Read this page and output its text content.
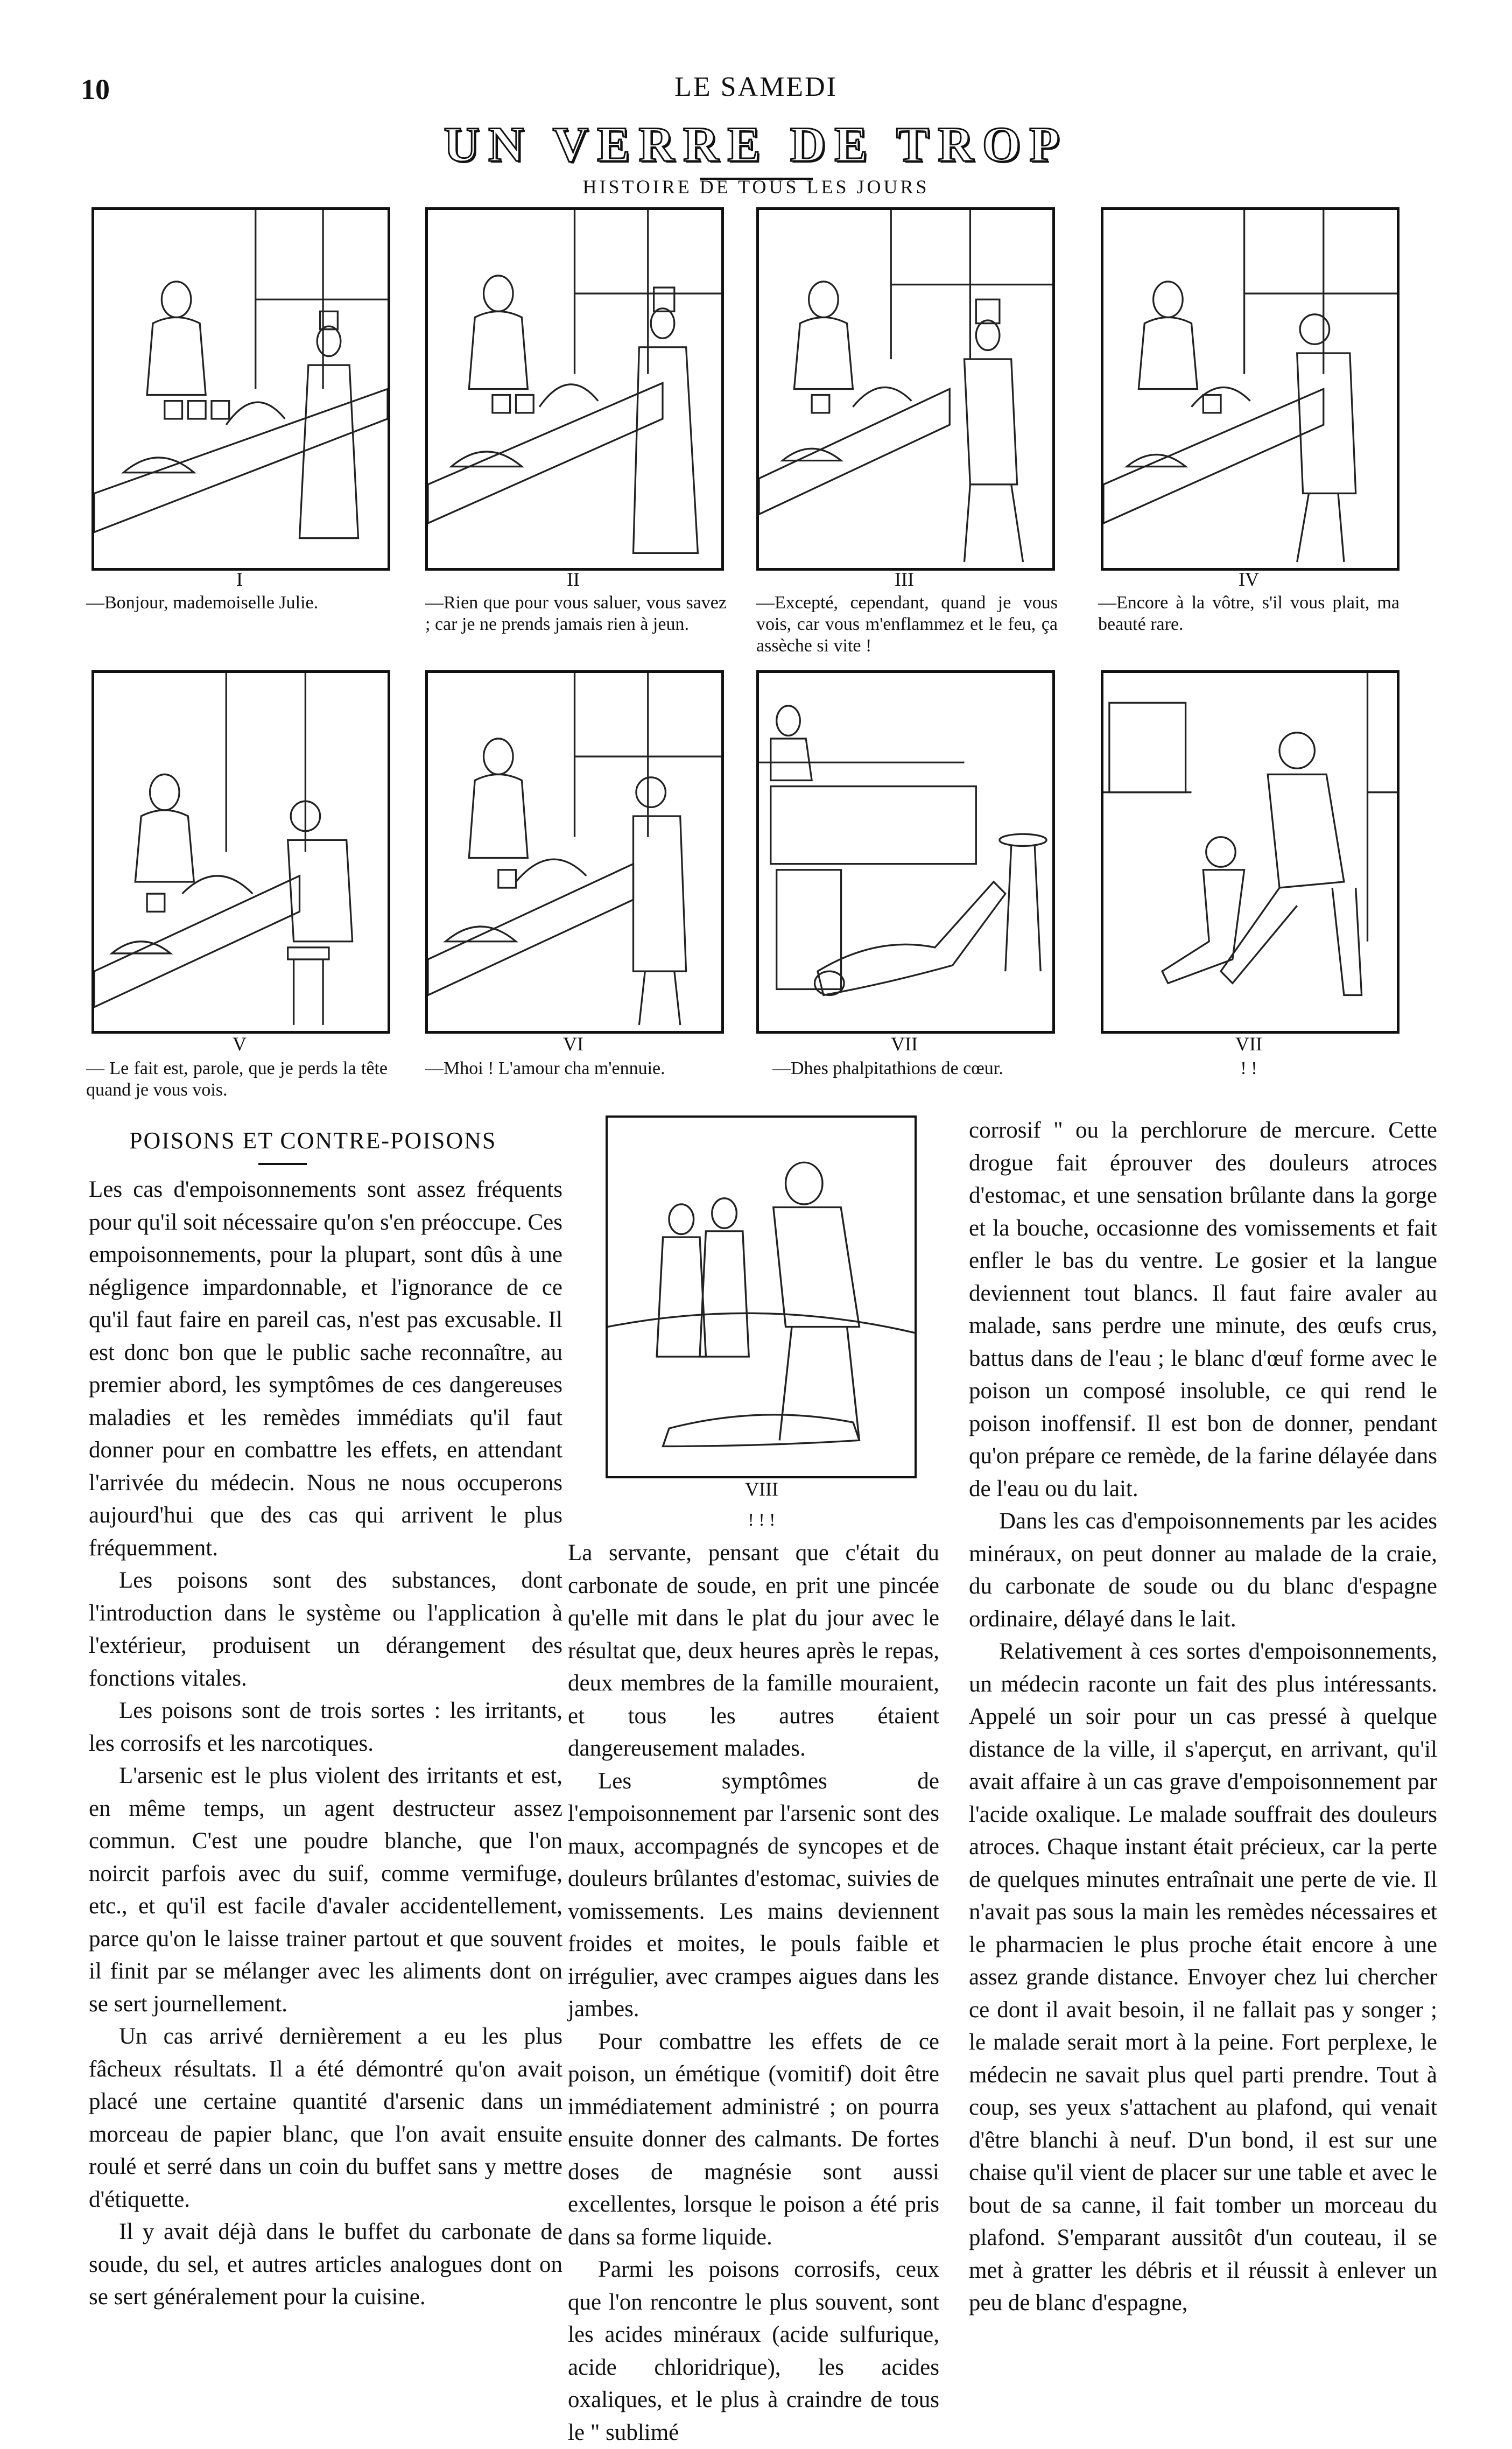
10	LE SAMEDI
UN VERRE DE TROP
HISTOIRE DE TOUS LES JOURS
I	II	III	IV
—Bonjour, mademoiselle Julie.	—Rien que pour vous saluer, vous savez ; car je ne prends jamais rien à jeun.
—Excepté, cependant, quand je vous vois, car vous m'enflammez et le feu, ça assèche si vite !
—Encore à la vôtre, s'il vous plait, ma beauté rare.
V	VI	VII	VII
— Le fait est, parole, que je perds la tête quand je vous vois.
—Mhoi ! L'amour cha m'ennuie.	—Dhes phalpitathions de cœur.	! !
POISONS ET CONTRE-POISONS

Les cas d'empoisonnements sont assez fréquents pour qu'il soit nécessaire qu'on s'en préoccupe. Ces empoisonnements, pour la plupart, sont dûs à une négligence impardonnable, et l'ignorance de ce qu'il faut faire en pareil cas, n'est pas excusable. Il est donc bon que le public sache reconnaître, au premier abord, les symptômes de ces dangereuses maladies et les remèdes immédiats qu'il faut donner pour en combattre les effets, en attendant l'arrivée du médecin. Nous ne nous occuperons aujourd'hui que des cas qui arrivent le plus fréquemment.

Les poisons sont des substances, dont l'introduction dans le système ou l'application à l'extérieur, produisent un dérangement des fonctions vitales.

Les poisons sont de trois sortes : les irritants, les corrosifs et les narcotiques.

L'arsenic est le plus violent des irritants et est, en même temps, un agent destructeur assez commun. C'est une poudre blanche, que l'on noircit parfois avec du suif, comme vermifuge, etc., et qu'il est facile d'avaler accidentellement, parce qu'on le laisse trainer partout et que souvent il finit par se mélanger avec les aliments dont on se sert journellement.

Un cas arrivé dernièrement a eu les plus fâcheux résultats. Il a été démontré qu'on avait placé une certaine quantité d'arsenic dans un morceau de papier blanc, que l'on avait ensuite roulé et serré dans un coin du buffet sans y mettre d'étiquette.

Il y avait déjà dans le buffet du carbonate de soude, du sel, et autres articles analogues dont on se sert généralement pour la cuisine.

VIII
! ! !

La servante, pensant que c'était du carbonate de soude, en prit une pincée qu'elle mit dans le plat du jour avec le résultat que, deux heures après le repas, deux membres de la famille mouraient, et tous les autres étaient dangereusement malades.

Les symptômes de l'empoisonnement par l'arsenic sont des maux, accompagnés de syncopes et de douleurs brûlantes d'estomac, suivies de vomissements. Les mains deviennent froides et moites, le pouls faible et irrégulier, avec crampes aigues dans les jambes.

Pour combattre les effets de ce poison, un émétique (vomitif) doit être immédiatement administré ; on pourra ensuite donner des calmants. De fortes doses de magnésie sont aussi excellentes, lorsque le poison a été pris dans sa forme liquide.

Parmi les poisons corrosifs, ceux que l'on rencontre le plus souvent, sont les acides minéraux (acide sulfurique, acide chloridrique), les acides oxaliques, et le plus à craindre de tous le " sublimé

corrosif " ou la perchlorure de mercure. Cette drogue fait éprouver des douleurs atroces d'estomac, et une sensation brûlante dans la gorge et la bouche, occasionne des vomissements et fait enfler le bas du ventre. Le gosier et la langue deviennent tout blancs. Il faut faire avaler au malade, sans perdre une minute, des œufs crus, battus dans de l'eau ; le blanc d'œuf forme avec le poison un composé insoluble, ce qui rend le poison inoffensif. Il est bon de donner, pendant qu'on prépare ce remède, de la farine délayée dans de l'eau ou du lait.

Dans les cas d'empoisonnements par les acides minéraux, on peut donner au malade de la craie, du carbonate de soude ou du blanc d'espagne ordinaire, délayé dans le lait.

Relativement à ces sortes d'empoisonnements, un médecin raconte un fait des plus intéressants. Appelé un soir pour un cas pressé à quelque distance de la ville, il s'aperçut, en arrivant, qu'il avait affaire à un cas grave d'empoisonnement par l'acide oxalique. Le malade souffrait des douleurs atroces. Chaque instant était précieux, car la perte de quelques minutes entraînait une perte de vie. Il n'avait pas sous la main les remèdes nécessaires et le pharmacien le plus proche était encore à une assez grande distance. Envoyer chez lui chercher ce dont il avait besoin, il ne fallait pas y songer ; le malade serait mort à la peine. Fort perplexe, le médecin ne savait plus quel parti prendre. Tout à coup, ses yeux s'attachent au plafond, qui venait d'être blanchi à neuf. D'un bond, il est sur une chaise qu'il vient de placer sur une table et avec le bout de sa canne, il fait tomber un morceau du plafond. S'emparant aussitôt d'un couteau, il se met à gratter les débris et il réussit à enlever un peu de blanc d'espagne,
